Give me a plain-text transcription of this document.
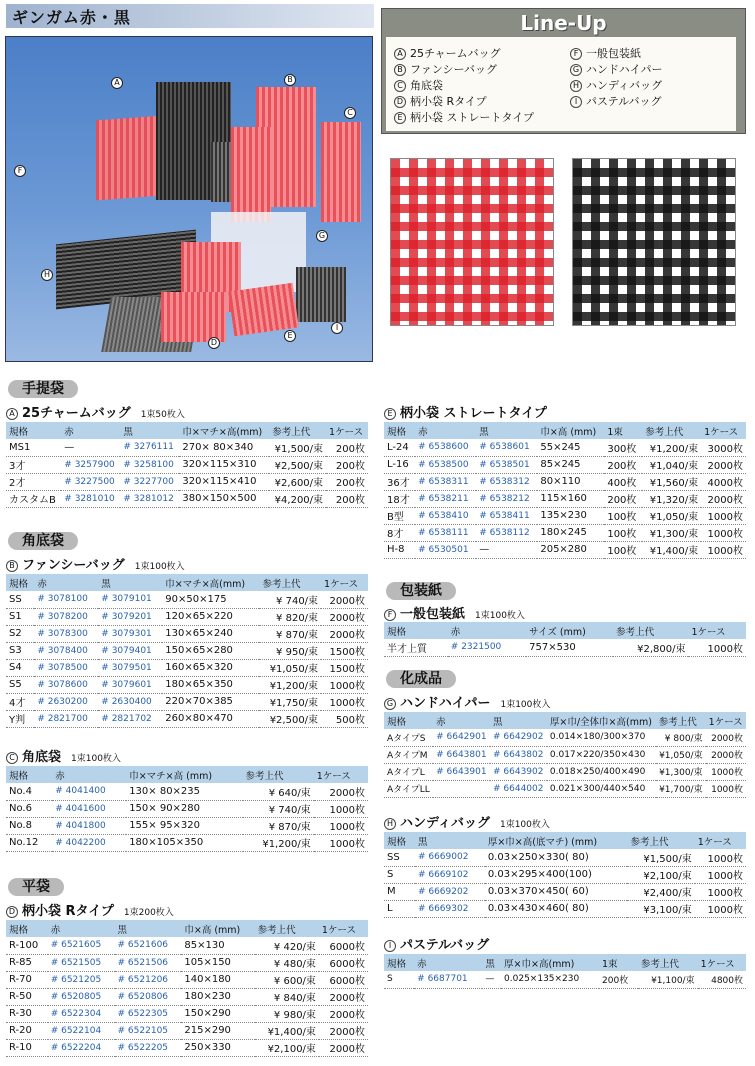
ギンガム赤・黒
A	B
C
D
E
F
G
H
I
Line-Up
A 25チャームバッグ
B ファンシーバッグ
C 角底袋
D 柄小袋 Rタイプ
E 柄小袋 ストレートタイプ
F 一般包装紙
G ハンドハイパー
H ハンディバッグ
I パステルバッグ
手提袋
A 25チャームバッグ 1束50枚入
規格	赤	黒	巾×マチ×高(mm)	参考上代	1ケース
MS1	—	# 3276111	270× 80×340	¥1,500/束	200枚
3才	# 3257900	# 3258100	320×115×310	¥2,500/束	200枚
2才	# 3227500	# 3227700	320×115×410	¥2,600/束	200枚
カスタムB	# 3281010	# 3281012	380×150×500	¥4,200/束	200枚
角底袋
B ファンシーバッグ 1束100枚入
規格	赤	黒	巾×マチ×高(mm)	参考上代	1ケース
SS	# 3078100	# 3079101	90×50×175	¥ 740/束	2000枚
S1	# 3078200	# 3079201	120×65×220	¥ 820/束	2000枚
S2	# 3078300	# 3079301	130×65×240	¥ 870/束	2000枚
S3	# 3078400	# 3079401	150×65×280	¥ 950/束	1500枚
S4	# 3078500	# 3079501	160×65×320	¥1,050/束	1500枚
S5	# 3078600	# 3079601	180×65×350	¥1,200/束	1000枚
4才	# 2630200	# 2630400	220×70×385	¥1,750/束	1000枚
Y判	# 2821700	# 2821702	260×80×470	¥2,500/束	500枚
C 角底袋 1束100枚入
規格	赤	巾×マチ×高 (mm)	参考上代	1ケース
No.4	# 4041400	130× 80×235	¥ 640/束	2000枚
No.6	# 4041600	150× 90×280	¥ 740/束	1000枚
No.8	# 4041800	155× 95×320	¥ 870/束	1000枚
No.12	# 4042200	180×105×350	¥1,200/束	1000枚
平袋
D 柄小袋 Rタイプ 1束200枚入
規格	赤	黒	巾×高 (mm)	参考上代	1ケース
R-100	# 6521605	# 6521606	85×130	¥ 420/束	6000枚
R-85	# 6521505	# 6521506	105×150	¥ 480/束	6000枚
R-70	# 6521205	# 6521206	140×180	¥ 600/束	6000枚
R-50	# 6520805	# 6520806	180×230	¥ 840/束	2000枚
R-30	# 6522304	# 6522305	150×290	¥ 980/束	2000枚
R-20	# 6522104	# 6522105	215×290	¥1,400/束	2000枚
R-10	# 6522204	# 6522205	250×330	¥2,100/束	2000枚
E 柄小袋 ストレートタイプ
規格	赤	黒	巾×高 (mm)	1束	参考上代	1ケース
L-24	# 6538600	# 6538601	55×245	300枚	¥1,200/束	3000枚
L-16	# 6538500	# 6538501	85×245	200枚	¥1,040/束	2000枚
36才	# 6538311	# 6538312	80×110	400枚	¥1,560/束	4000枚
18才	# 6538211	# 6538212	115×160	200枚	¥1,320/束	2000枚
B型	# 6538410	# 6538411	135×230	100枚	¥1,050/束	1000枚
8才	# 6538111	# 6538112	180×245	100枚	¥1,300/束	1000枚
H-8	# 6530501	—	205×280	100枚	¥1,400/束	1000枚
包装紙
F 一般包装紙 1束100枚入
規格	赤	サイズ (mm)	参考上代	1ケース
半才上質	# 2321500	757×530	¥2,800/束	1000枚
化成品
G ハンドハイパー 1束100枚入
規格	赤	黒	厚×巾/全体巾×高(mm)	参考上代	1ケース
AタイプS	# 6642901	# 6642902	0.014×180/300×370	¥ 800/束	2000枚
AタイプM	# 6643801	# 6643802	0.017×220/350×430	¥1,050/束	2000枚
AタイプL	# 6643901	# 6643902	0.018×250/400×490	¥1,300/束	1000枚
AタイプLL		# 6644002	0.021×300/440×540	¥1,700/束	1000枚
H ハンディバッグ 1束100枚入
規格	黒	厚×巾×高(底マチ) (mm)	参考上代	1ケース
SS	# 6669002	0.03×250×330( 80)	¥1,500/束	1000枚
S	# 6669102	0.03×295×400(100)	¥2,100/束	1000枚
M	# 6669202	0.03×370×450( 60)	¥2,400/束	1000枚
L	# 6669302	0.03×430×460( 80)	¥3,100/束	1000枚
I パステルバッグ
規格	赤	黒	厚×巾×高(mm)	1束	参考上代	1ケース
S	# 6687701	—	0.025×135×230	200枚	¥1,100/束	4800枚
